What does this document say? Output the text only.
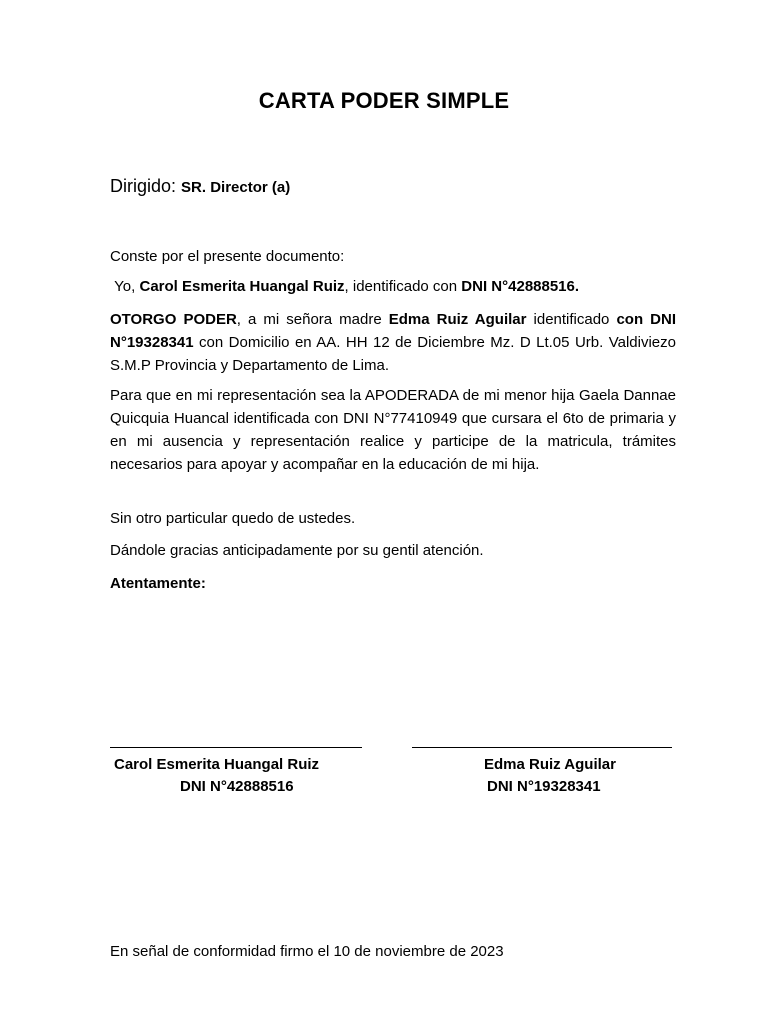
CARTA PODER SIMPLE
Dirigido: SR. Director (a)
Conste por el presente documento:
Yo, Carol Esmerita Huangal Ruiz, identificado con DNI N°42888516.
OTORGO PODER, a mi señora madre Edma Ruiz Aguilar identificado con DNI N°19328341 con Domicilio en AA. HH 12 de Diciembre Mz. D Lt.05 Urb. Valdiviezo S.M.P Provincia y Departamento de Lima.
Para que en mi representación sea la APODERADA de mi menor hija Gaela Dannae Quicquia Huancal identificada con DNI N°77410949 que cursara el 6to de primaria y en mi ausencia y representación realice y participe de la matricula, trámites necesarios para apoyar y acompañar en la educación de mi hija.
Sin otro particular quedo de ustedes.
Dándole gracias anticipadamente por su gentil atención.
Atentamente:
Carol Esmerita Huangal Ruiz
DNI N°42888516
Edma Ruiz Aguilar
DNI N°19328341
En señal de conformidad firmo el 10 de noviembre de 2023
